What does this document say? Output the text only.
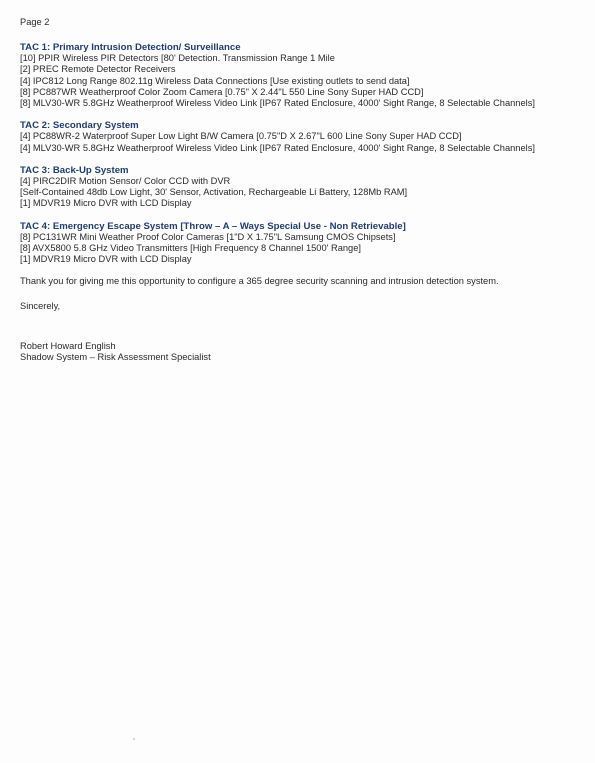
Page 2
TAC 1: Primary Intrusion Detection/ Surveillance
[10] PPIR Wireless PIR Detectors [80' Detection. Transmission Range 1 Mile
[2] PREC Remote Detector Receivers
[4] IPC812 Long Range 802.11g Wireless Data Connections [Use existing outlets to send data]
[8] PC887WR Weatherproof Color Zoom Camera [0.75" X 2.44"L 550 Line Sony Super HAD CCD]
[8] MLV30-WR 5.8GHz Weatherproof Wireless Video Link [IP67 Rated Enclosure, 4000' Sight Range, 8 Selectable Channels]
TAC 2: Secondary System
[4] PC88WR-2 Waterproof Super Low Light B/W Camera [0.75"D X 2.67"L 600 Line Sony Super HAD CCD]
[4] MLV30-WR 5.8GHz Weatherproof Wireless Video Link [IP67 Rated Enclosure, 4000' Sight Range, 8 Selectable Channels]
TAC 3: Back-Up System
[4] PIRC2DIR Motion Sensor/ Color CCD with DVR
[Self-Contained 48db Low Light, 30' Sensor, Activation, Rechargeable Li Battery, 128Mb RAM]
[1] MDVR19 Micro DVR with LCD Display
TAC 4: Emergency Escape System [Throw – A – Ways Special Use - Non Retrievable]
[8] PC131WR Mini Weather Proof Color Cameras [1"D X 1.75"L Samsung CMOS Chipsets]
[8] AVX5800 5.8 GHz Video Transmitters [High Frequency 8 Channel 1500' Range]
[1] MDVR19 Micro DVR with LCD Display
Thank you for giving me this opportunity to configure a 365 degree security scanning and intrusion detection system.
Sincerely,
Robert Howard English
Shadow System – Risk Assessment Specialist
